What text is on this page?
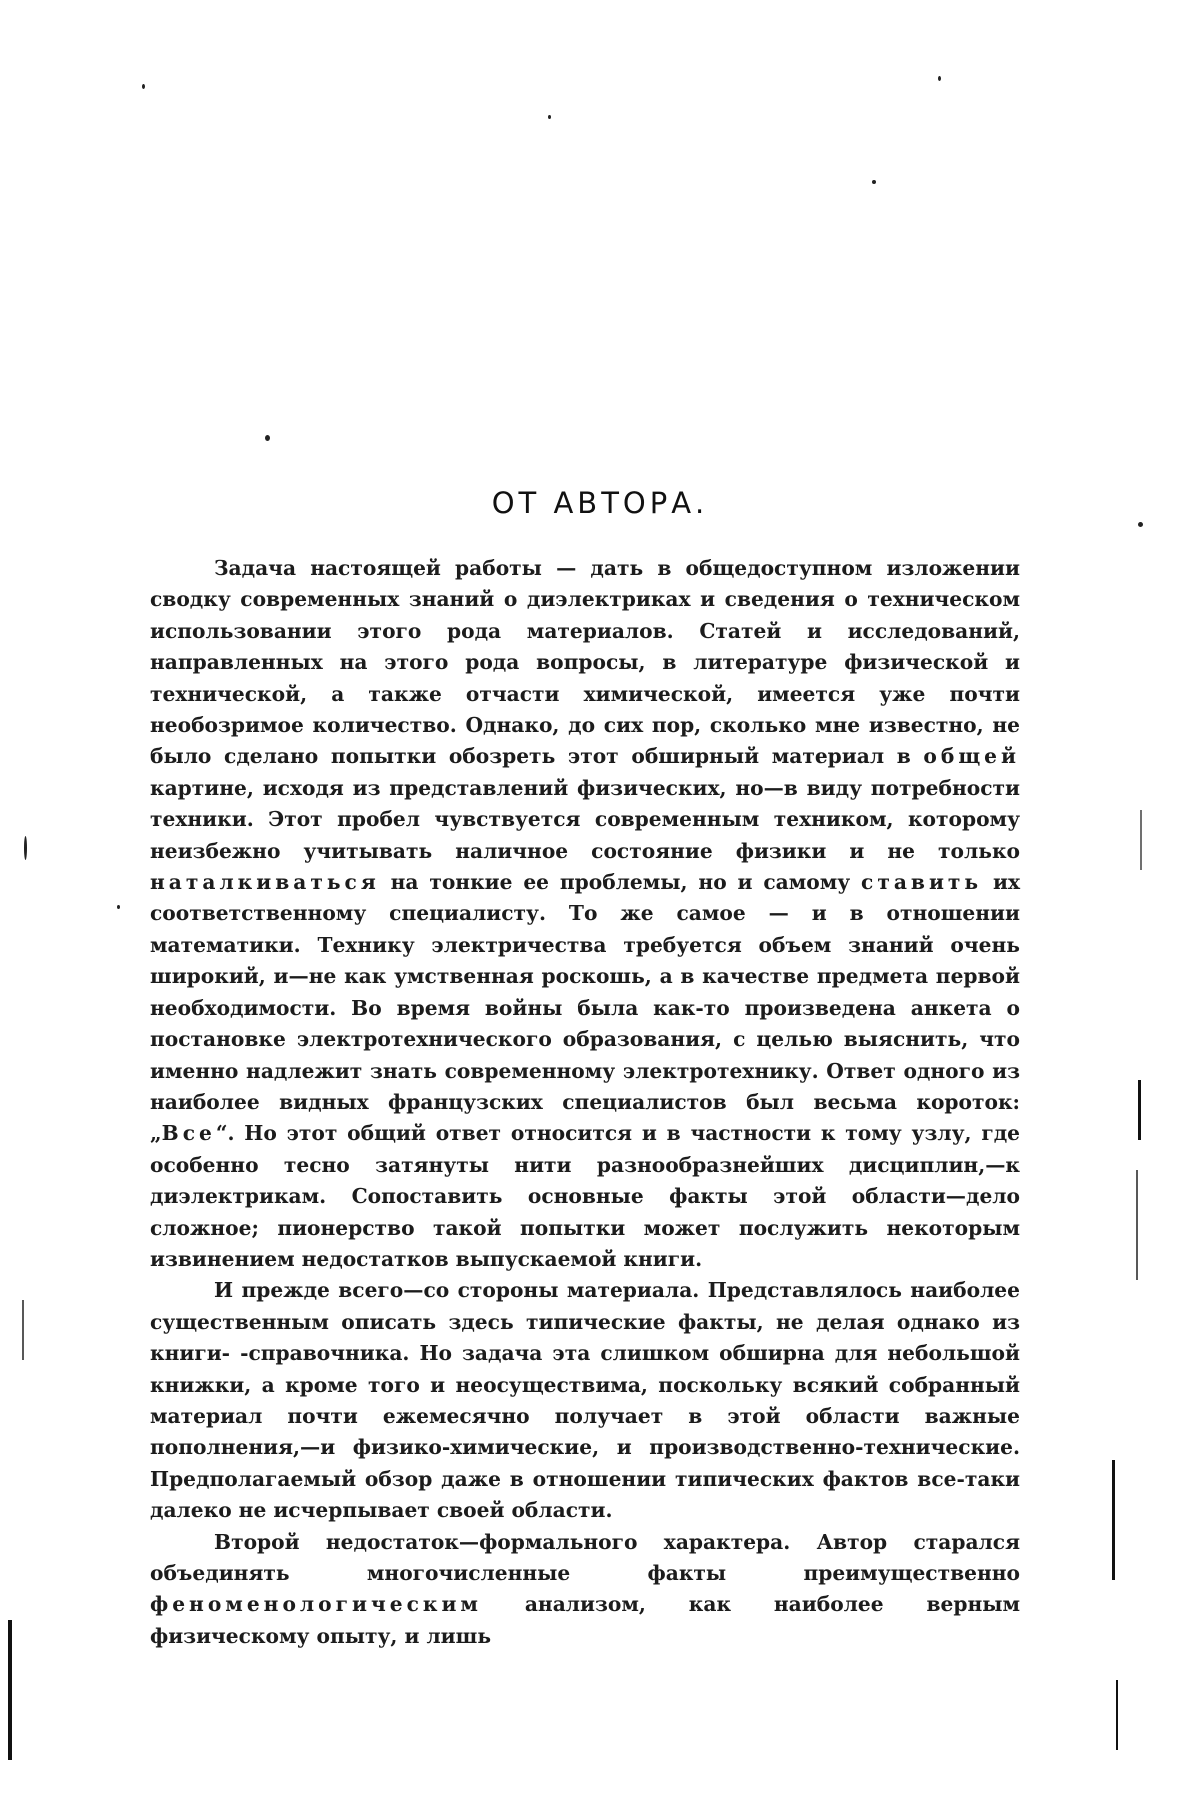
ОТ АВТОРА.

Задача настоящей работы — дать в общедоступном изложении сводку современных знаний о диэлектриках и сведения о техническом использовании этого рода материалов. Статей и исследований, направленных на этого рода вопросы, в литературе физической и технической, а также отчасти химической, имеется уже почти необозримое количество. Однако, до сих пор, сколько мне известно, не было сделано попытки обозреть этот обширный материал в общей картине, исходя из представлений физических, но—в виду потребности техники. Этот пробел чувствуется современным техником, которому неизбежно учитывать наличное состояние физики и не только наталкиваться на тонкие ее проблемы, но и самому ставить их соответственному специалисту. То же самое — и в отношении математики. Технику электричества требуется объем знаний очень широкий, и—не как умственная роскошь, а в качестве предмета первой необходимости. Во время войны была как-то произведена анкета о постановке электротехнического образования, с целью выяснить, что именно надлежит знать современному электротехнику. Ответ одного из наиболее видных французских специалистов был весьма короток: „Все“. Но этот общий ответ относится и в частности к тому узлу, где особенно тесно затянуты нити разнообразнейших дисциплин,—к диэлектрикам. Сопоставить основные факты этой области—дело сложное; пионерство такой попытки может послужить некоторым извинением недостатков выпускаемой книги.

И прежде всего—со стороны материала. Представлялось наиболее существенным описать здесь типические факты, не делая однако из книги- -справочника. Но задача эта слишком обширна для небольшой книжки, а кроме того и неосуществима, поскольку всякий собранный материал почти ежемесячно получает в этой области важные пополнения,—и физико-химические, и производственно-технические. Предполагаемый обзор даже в отношении типических фактов все-таки далеко не исчерпывает своей области.

Второй недостаток—формального характера. Автор старался объединять многочисленные факты преимущественно феноменологическим анализом, как наиболее верным физическому опыту, и лишь
